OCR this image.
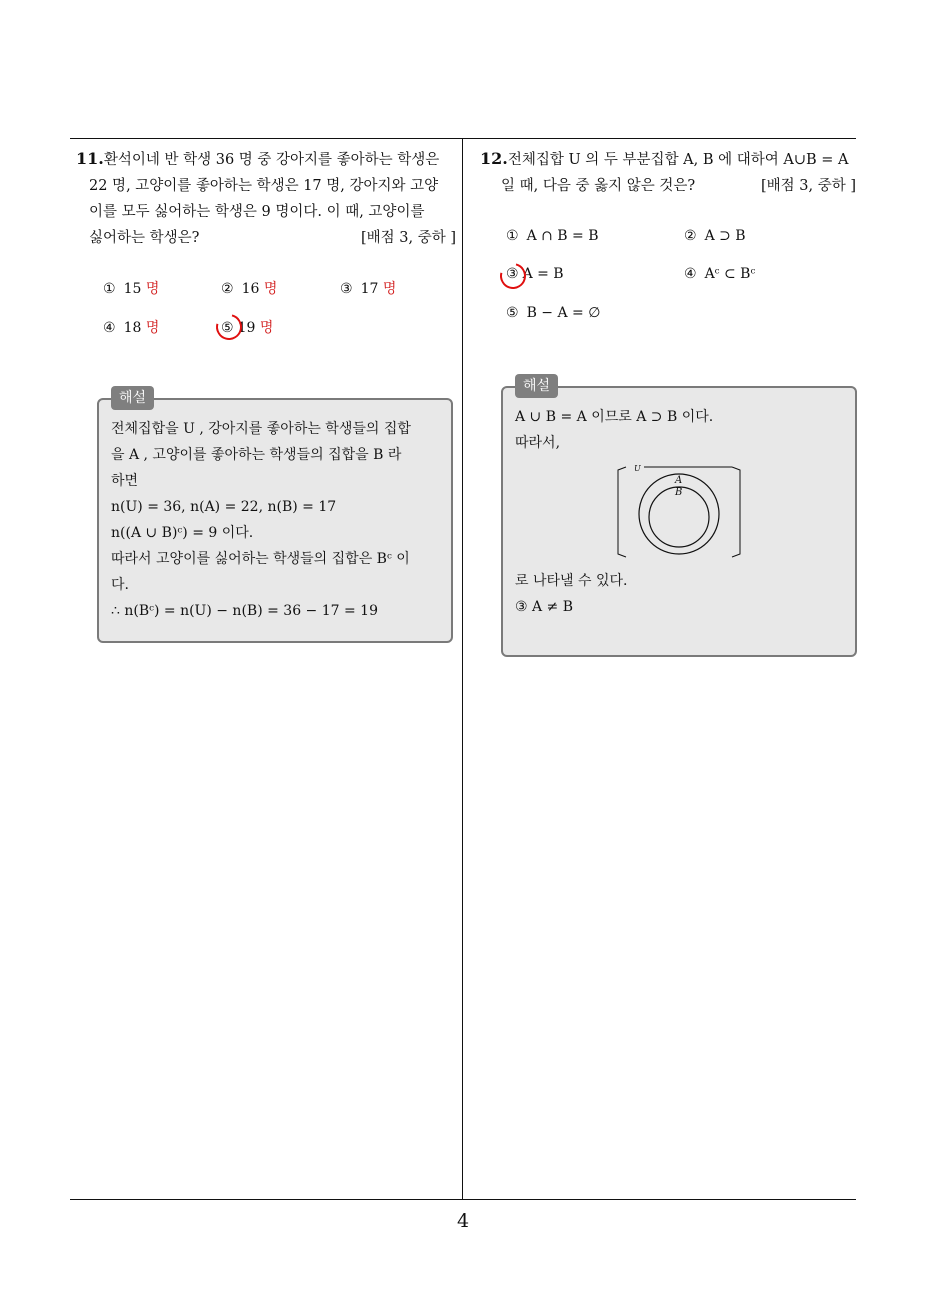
11.환석이네 반 학생 36 명 중 강아지를 좋아하는 학생은
22 명, 고양이를 좋아하는 학생은 17 명, 강아지와 고양
이를 모두 싫어하는 학생은 9 명이다. 이 때, 고양이를
싫어하는 학생은?	[배점 3, 중하 ]
① 15 명	② 16 명	③ 17 명
④ 18 명	⑤ 19 명
해설
전체집합을 U , 강아지를 좋아하는 학생들의 집합
을 A , 고양이를 좋아하는 학생들의 집합을 B 라
하면
n(U) = 36, n(A) = 22, n(B) = 17
n((A ∪ B)ᶜ) = 9 이다.
따라서 고양이를 싫어하는 학생들의 집합은 Bᶜ 이
다.
∴ n(Bᶜ) = n(U) − n(B) = 36 − 17 = 19
12.전체집합 U 의 두 부분집합 A, B 에 대하여 A∪B = A
일 때, 다음 중 옳지 않은 것은?	[배점 3, 중하 ]
① A ∩ B = B	② A ⊃ B
③ A = B	④ Aᶜ ⊂ Bᶜ
⑤ B − A = ∅
해설
A ∪ B = A 이므로 A ⊃ B 이다.
따라서,
U
A
B
로 나타낼 수 있다.
③ A ≠ B
4
